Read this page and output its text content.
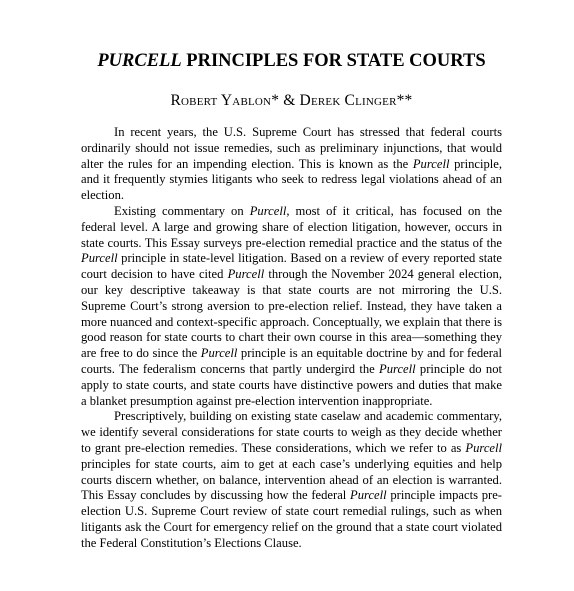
PURCELL PRINCIPLES FOR STATE COURTS
Robert Yablon* & Derek Clinger**

In recent years, the U.S. Supreme Court has stressed that federal courts ordinarily should not issue remedies, such as preliminary injunctions, that would alter the rules for an impending election. This is known as the Purcell principle, and it frequently stymies litigants who seek to redress legal violations ahead of an election.

Existing commentary on Purcell, most of it critical, has focused on the federal level. A large and growing share of election litigation, however, occurs in state courts. This Essay surveys pre-election remedial practice and the status of the Purcell principle in state-level litigation. Based on a review of every reported state court decision to have cited Purcell through the November 2024 general election, our key descriptive takeaway is that state courts are not mirroring the U.S. Supreme Court’s strong aversion to pre-election relief. Instead, they have taken a more nuanced and context-specific approach. Conceptually, we explain that there is good reason for state courts to chart their own course in this area—something they are free to do since the Purcell principle is an equitable doctrine by and for federal courts. The federalism concerns that partly undergird the Purcell principle do not apply to state courts, and state courts have distinctive powers and duties that make a blanket presumption against pre-election intervention inappropriate.

Prescriptively, building on existing state caselaw and academic commentary, we identify several considerations for state courts to weigh as they decide whether to grant pre-election remedies. These considerations, which we refer to as Purcell principles for state courts, aim to get at each case’s underlying equities and help courts discern whether, on balance, intervention ahead of an election is warranted. This Essay concludes by discussing how the federal Purcell principle impacts pre-election U.S. Supreme Court review of state court remedial rulings, such as when litigants ask the Court for emergency relief on the ground that a state court violated the Federal Constitution’s Elections Clause.
